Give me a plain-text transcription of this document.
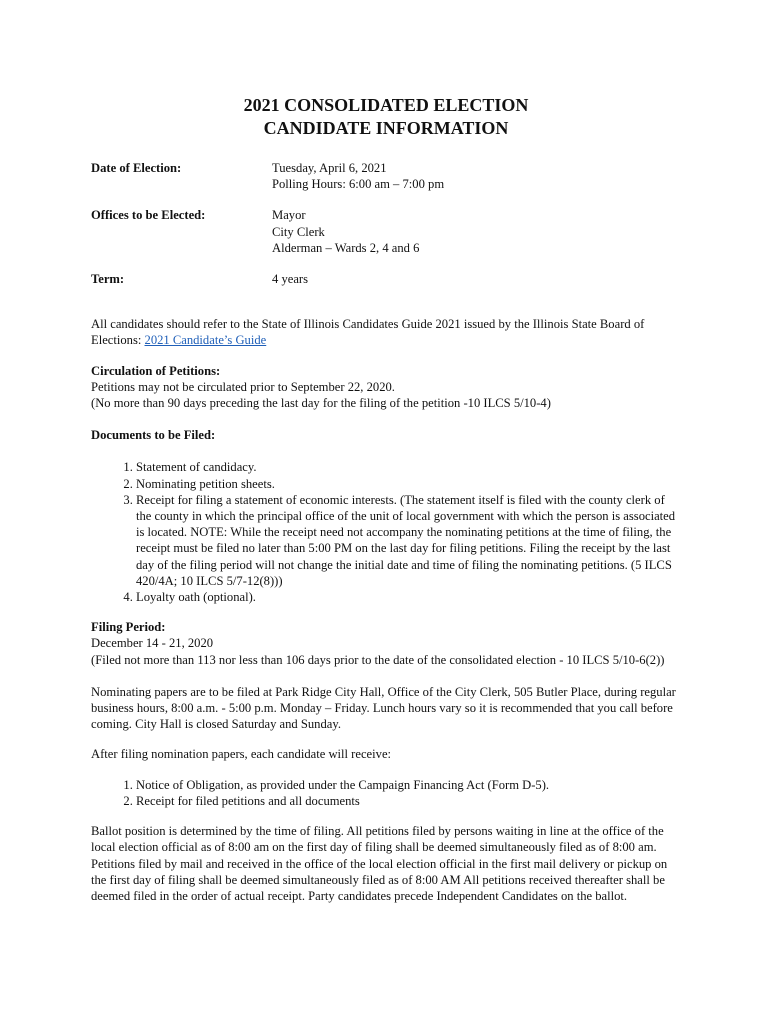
2021 CONSOLIDATED ELECTION
CANDIDATE INFORMATION
Date of Election:	Tuesday, April 6, 2021
Polling Hours: 6:00 am – 7:00 pm
Offices to be Elected:	Mayor
City Clerk
Alderman – Wards 2, 4 and 6
Term:	4 years

All candidates should refer to the State of Illinois Candidates Guide 2021 issued by the Illinois State Board of Elections: 2021 Candidate’s Guide

Circulation of Petitions:
Petitions may not be circulated prior to September 22, 2020.
(No more than 90 days preceding the last day for the filing of the petition -10 ILCS 5/10-4)
Documents to be Filed:
1. Statement of candidacy.
2. Nominating petition sheets.
3. Receipt for filing a statement of economic interests. (The statement itself is filed with the county clerk of the county in which the principal office of the unit of local government with which the person is associated is located. NOTE: While the receipt need not accompany the nominating petitions at the time of filing, the receipt must be filed no later than 5:00 PM on the last day for filing petitions. Filing the receipt by the last day of the filing period will not change the initial date and time of filing the nominating petitions. (5 ILCS 420/4A; 10 ILCS 5/7-12(8)))
4. Loyalty oath (optional).
Filing Period:
December 14 - 21, 2020
(Filed not more than 113 nor less than 106 days prior to the date of the consolidated election - 10 ILCS 5/10-6(2))

Nominating papers are to be filed at Park Ridge City Hall, Office of the City Clerk, 505 Butler Place, during regular business hours, 8:00 a.m. - 5:00 p.m. Monday – Friday. Lunch hours vary so it is recommended that you call before coming. City Hall is closed Saturday and Sunday.

After filing nomination papers, each candidate will receive:

1. Notice of Obligation, as provided under the Campaign Financing Act (Form D-5).
2. Receipt for filed petitions and all documents

Ballot position is determined by the time of filing. All petitions filed by persons waiting in line at the office of the local election official as of 8:00 am on the first day of filing shall be deemed simultaneously filed as of 8:00 am. Petitions filed by mail and received in the office of the local election official in the first mail delivery or pickup on the first day of filing shall be deemed simultaneously filed as of 8:00 AM All petitions received thereafter shall be deemed filed in the order of actual receipt. Party candidates precede Independent Candidates on the ballot.
